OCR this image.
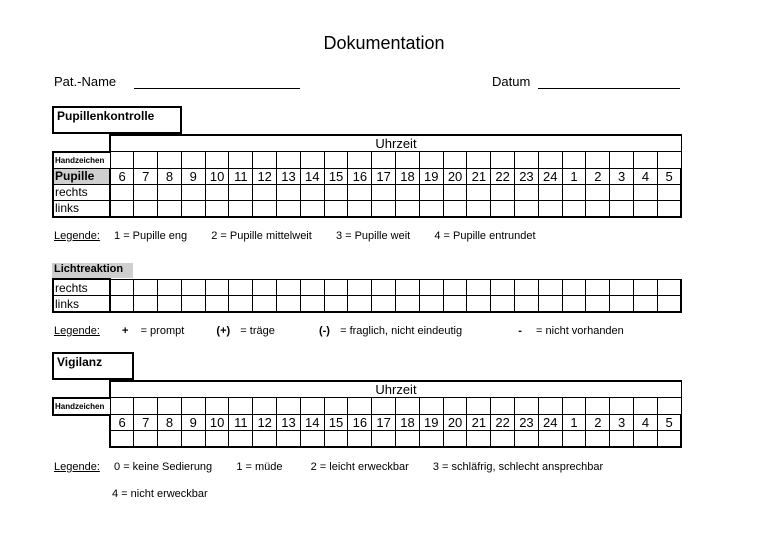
Dokumentation
Pat.-Name	Datum
Pupillenkontrolle
	Uhrzeit																							
Handzeichen																								
Pupille	6	7	8	9	10	11	12	13	14	15	16	17	18	19	20	21	22	23	24	1	2	3	4	5
rechts																								
links																								
Legende: 1 = Pupille eng 2 = Pupille mittelweit 3 = Pupille weit 4 = Pupille entrundet
Lichtreaktion
rechts																								
links																								
Legende: + = prompt	(+) = träge	(-) = fraglich, nicht eindeutig	- = nicht vorhanden
Vigilanz
	Uhrzeit																							
Handzeichen																								
	6	7	8	9	10	11	12	13	14	15	16	17	18	19	20	21	22	23	24	1	2	3	4	5

Legende: 0 = keine Sedierung 1 = müde	2 = leicht erweckbar 3 = schläfrig, schlecht ansprechbar
4 = nicht erweckbar
